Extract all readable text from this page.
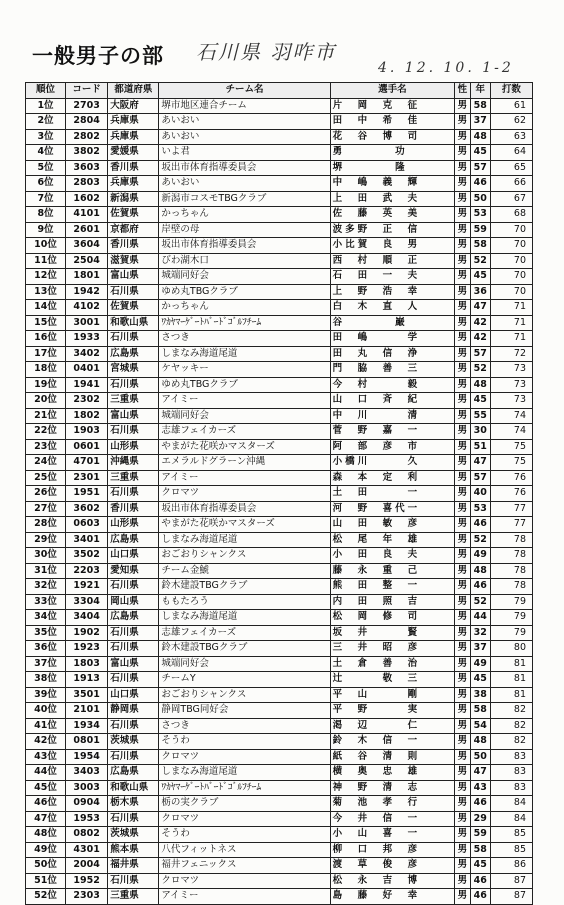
一般男子の部 石川県 羽咋市
4. 12. 10. 1-2
順位	コード	都道府県	チーム名	選手名	性	年	打数
1位	2703	大阪府	堺市地区連合チーム	片　岡　克　征	男	58	61
2位	2804	兵庫県	あいおい	田　中　希　佳	男	37	62
3位	2802	兵庫県	あいおい	花　谷　博　司	男	48	63
4位	3802	愛媛県	いよ君	勇　　　　功	男	45	64
5位	3603	香川県	坂出市体育指導委員会	堺　　　　隆	男	57	65
6位	2803	兵庫県	あいおい	中　嶋　義　輝	男	46	66
7位	1602	新潟県	新潟市コスモTBGクラブ	上　田　武　夫	男	50	67
8位	4101	佐賀県	かっちゃん	佐　藤　英　美	男	53	68
9位	2601	京都府	岸壁の母	波多野　正　信	男	59	70
10位	3604	香川県	坂出市体育指導委員会	小比賀　良　男	男	58	70
11位	2504	滋賀県	びわ湖木口	西　村　順　正	男	52	70
12位	1801	富山県	城端同好会	石　田　一　夫	男	45	70
13位	1942	石川県	ゆめ丸TBGクラブ	上　野　浩　幸	男	36	70
14位	4102	佐賀県	かっちゃん	白　木　直　人	男	47	71
15位	3001	和歌山県	ﾜｶﾔﾏｰｹﾞｰﾄﾊﾞｰﾄﾞｺﾞﾙﾌﾁｰﾑ	谷　　　　巌	男	42	71
16位	1933	石川県	さつき	田　嶋　　　学	男	42	71
17位	3402	広島県	しまなみ海道尾道	田　丸　信　浄	男	57	72
18位	0401	宮城県	ケヤッキー	門　脇　善　三	男	52	73
19位	1941	石川県	ゆめ丸TBGクラブ	今　村　　　毅	男	48	73
20位	2302	三重県	アイミー	山　口　斉　紀	男	45	73
21位	1802	富山県	城端同好会	中　川　　　清	男	55	74
22位	1903	石川県	志雄フェイカーズ	菅　野　嘉　一	男	30	74
23位	0601	山形県	やまがた花咲かマスターズ	阿　部　彦　市	男	51	75
24位	4701	沖縄県	エメラルドグラーン沖縄	小橋川　　　久	男	47	75
25位	2301	三重県	アイミー	森　本　定　利	男	57	76
26位	1951	石川県	クロマツ	土　田　　　一	男	40	76
27位	3602	香川県	坂出市体育指導委員会	河　野　喜代一	男	53	77
28位	0603	山形県	やまがた花咲かマスターズ	山　田　敏　彦	男	46	77
29位	3401	広島県	しまなみ海道尾道	松　尾　年　雄	男	52	78
30位	3502	山口県	おごおりシャンクス	小　田　良　夫	男	49	78
31位	2203	愛知県	チーム金鯱	藤　永　重　己	男	48	78
32位	1921	石川県	鈴木建設TBGクラブ	熊　田　整　一	男	46	78
33位	3304	岡山県	ももたろう	内　田　照　吉	男	52	79
34位	3404	広島県	しまなみ海道尾道	松　岡　修　司	男	44	79
35位	1902	石川県	志雄フェイカーズ	坂　井　　　賢	男	32	79
36位	1923	石川県	鈴木建設TBGクラブ	三　井　昭　彦	男	37	80
37位	1803	富山県	城端同好会	土　倉　善　治	男	49	81
38位	1913	石川県	チームY	辻　　　敬　三	男	45	81
39位	3501	山口県	おごおりシャンクス	平　山　　　剛	男	38	81
40位	2101	静岡県	静岡TBG同好会	平　野　　　実	男	58	82
41位	1934	石川県	さつき	渇　辺　　　仁	男	54	82
42位	0801	茨城県	そうわ	鈴　木　信　一	男	48	82
43位	1954	石川県	クロマツ	紙　谷　清　則	男	50	83
44位	3403	広島県	しまなみ海道尾道	横　奥　忠　雄	男	47	83
45位	3003	和歌山県	ﾜｶﾔﾏｰｹﾞｰﾄﾊﾞｰﾄﾞｺﾞﾙﾌﾁｰﾑ	神　野　清　志	男	43	83
46位	0904	栃木県	栃の実クラブ	菊　池　孝　行	男	46	84
47位	1953	石川県	クロマツ	今　井　信　一	男	29	84
48位	0802	茨城県	そうわ	小　山　喜　一	男	59	85
49位	4301	熊本県	八代フィットネス	柳　口　邦　彦	男	58	85
50位	2004	福井県	福井フェニックス	渡　草　俊　彦	男	45	86
51位	1952	石川県	クロマツ	松　永　吉　博	男	46	87
52位	2303	三重県	アイミー	島　藤　好　幸	男	46	87
